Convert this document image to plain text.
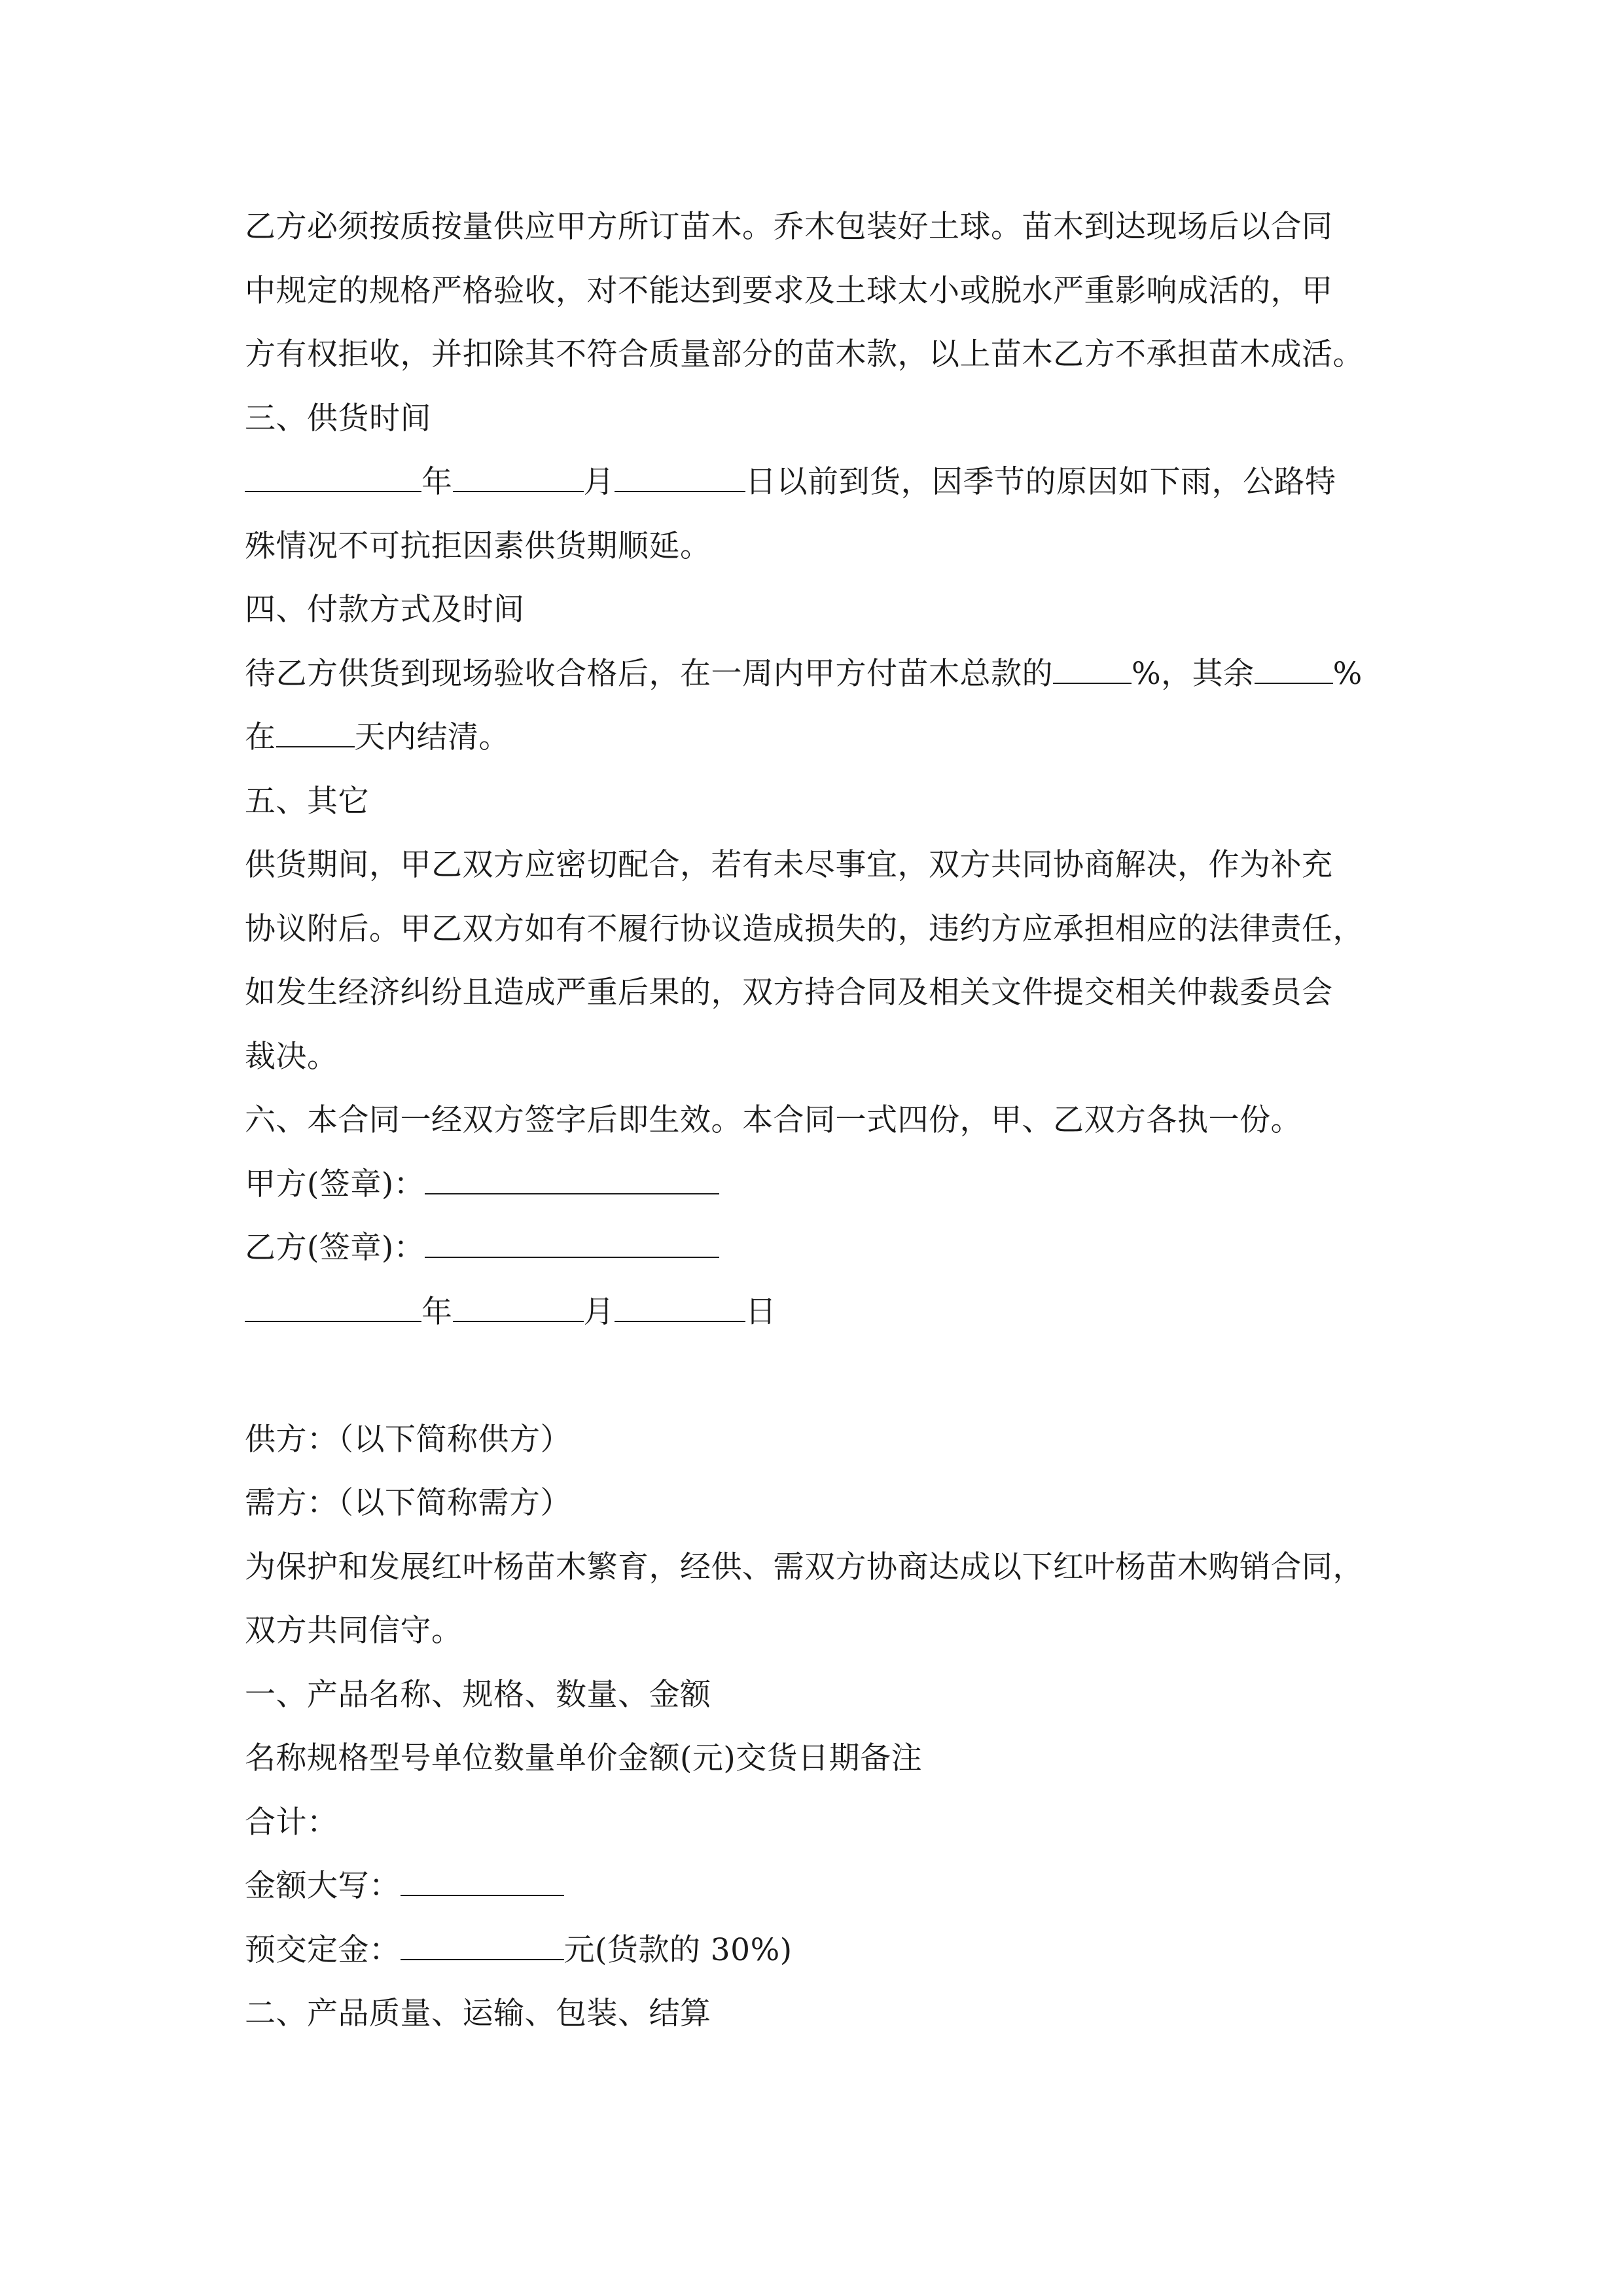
乙方必须按质按量供应甲方所订苗木。乔木包装好土球。苗木到达现场后以合同
中规定的规格严格验收，对不能达到要求及土球太小或脱水严重影响成活的，甲
方有权拒收，并扣除其不符合质量部分的苗木款，以上苗木乙方不承担苗木成活。
三、供货时间
年	月	日以前到货，因季节的原因如下雨，公路特
殊情况不可抗拒因素供货期顺延。
四、付款方式及时间
待乙方供货到现场验收合格后，在一周内甲方付苗木总款的	%，其余	%
在	天内结清。
五、其它
供货期间，甲乙双方应密切配合，若有未尽事宜，双方共同协商解决，作为补充
协议附后。甲乙双方如有不履行协议造成损失的，违约方应承担相应的法律责任，
如发生经济纠纷且造成严重后果的，双方持合同及相关文件提交相关仲裁委员会
裁决。
六、本合同一经双方签字后即生效。本合同一式四份，甲、乙双方各执一份。
甲方(签章)：
乙方(签章)：
年	月	日
供方：（以下简称供方）
需方：（以下简称需方）
为保护和发展红叶杨苗木繁育，经供、需双方协商达成以下红叶杨苗木购销合同，
双方共同信守。
一、产品名称、规格、数量、金额
名称规格型号单位数量单价金额(元)交货日期备注
合计：
金额大写：
预交定金：	元(货款的 30%)
二、产品质量、运输、包装、结算
